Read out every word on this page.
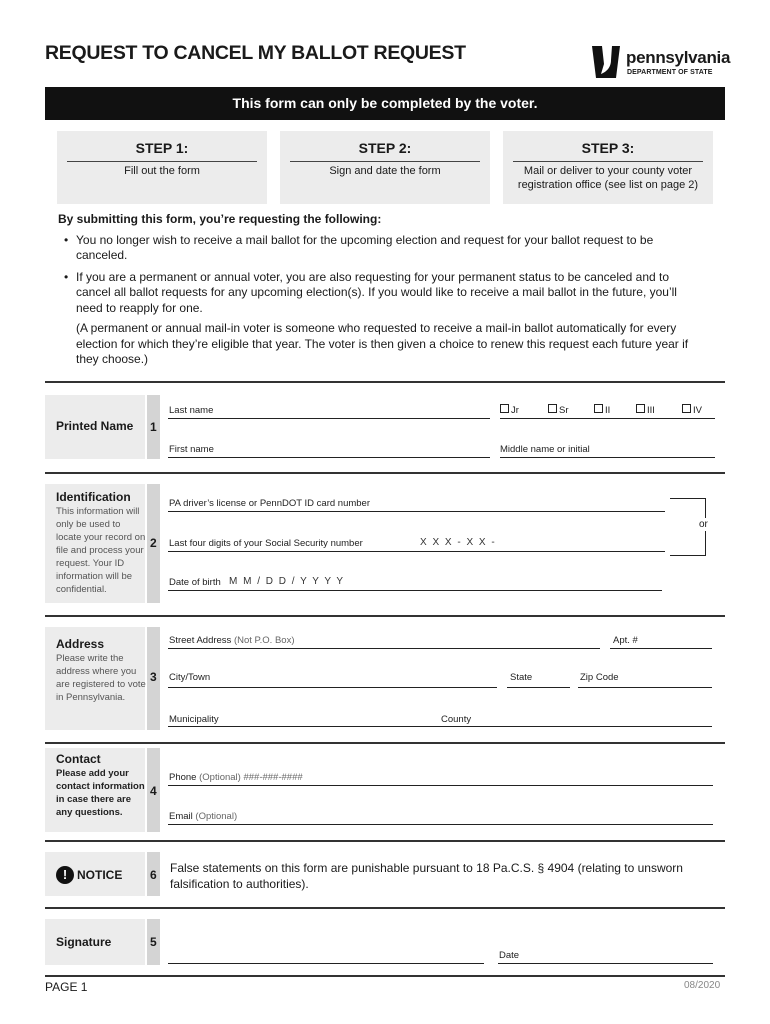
REQUEST TO CANCEL MY BALLOT REQUEST	pennsylvania
DEPARTMENT OF STATE
This form can only be completed by the voter.
STEP 1:
Fill out the form
STEP 2:
Sign and date the form
STEP 3:
Mail or deliver to your county voter registration office (see list on page 2)
By submitting this form, you’re requesting the following:
• You no longer wish to receive a mail ballot for the upcoming election and request for your ballot request to be canceled.
• If you are a permanent or annual voter, you are also requesting for your permanent status to be canceled and to cancel all ballot requests for any upcoming election(s). If you would like to receive a mail ballot in the future, you’ll need to reapply for one.
(A permanent or annual mail-in voter is someone who requested to receive a mail-in ballot automatically for every election for which they’re eligible that year. The voter is then given a choice to renew this request each future year if they choose.)
Printed Name 1
Last name	Jr	Sr	II	III	IV
First name	Middle name or initial
Identification
This information will only be used to locate your record on file and process your request. Your ID information will be confidential.
2
PA driver’s license or PennDOT ID card number
or
Last four digits of your Social Security number	X X X - X X -
Date of birth M M / D D / Y Y Y Y
Address
Please write the address where you are registered to vote in Pennsylvania.
3
Street Address (Not P.O. Box)	Apt. #
City/Town	State	Zip Code
Municipality	County
Contact
Please add your contact information in case there are any questions.
4
Phone (Optional) ###-###-####
Email (Optional)
! NOTICE 6 False statements on this form are punishable pursuant to 18 Pa.C.S. § 4904 (relating to unsworn falsification to authorities).
Signature	5
Date
PAGE 1	08/2020
